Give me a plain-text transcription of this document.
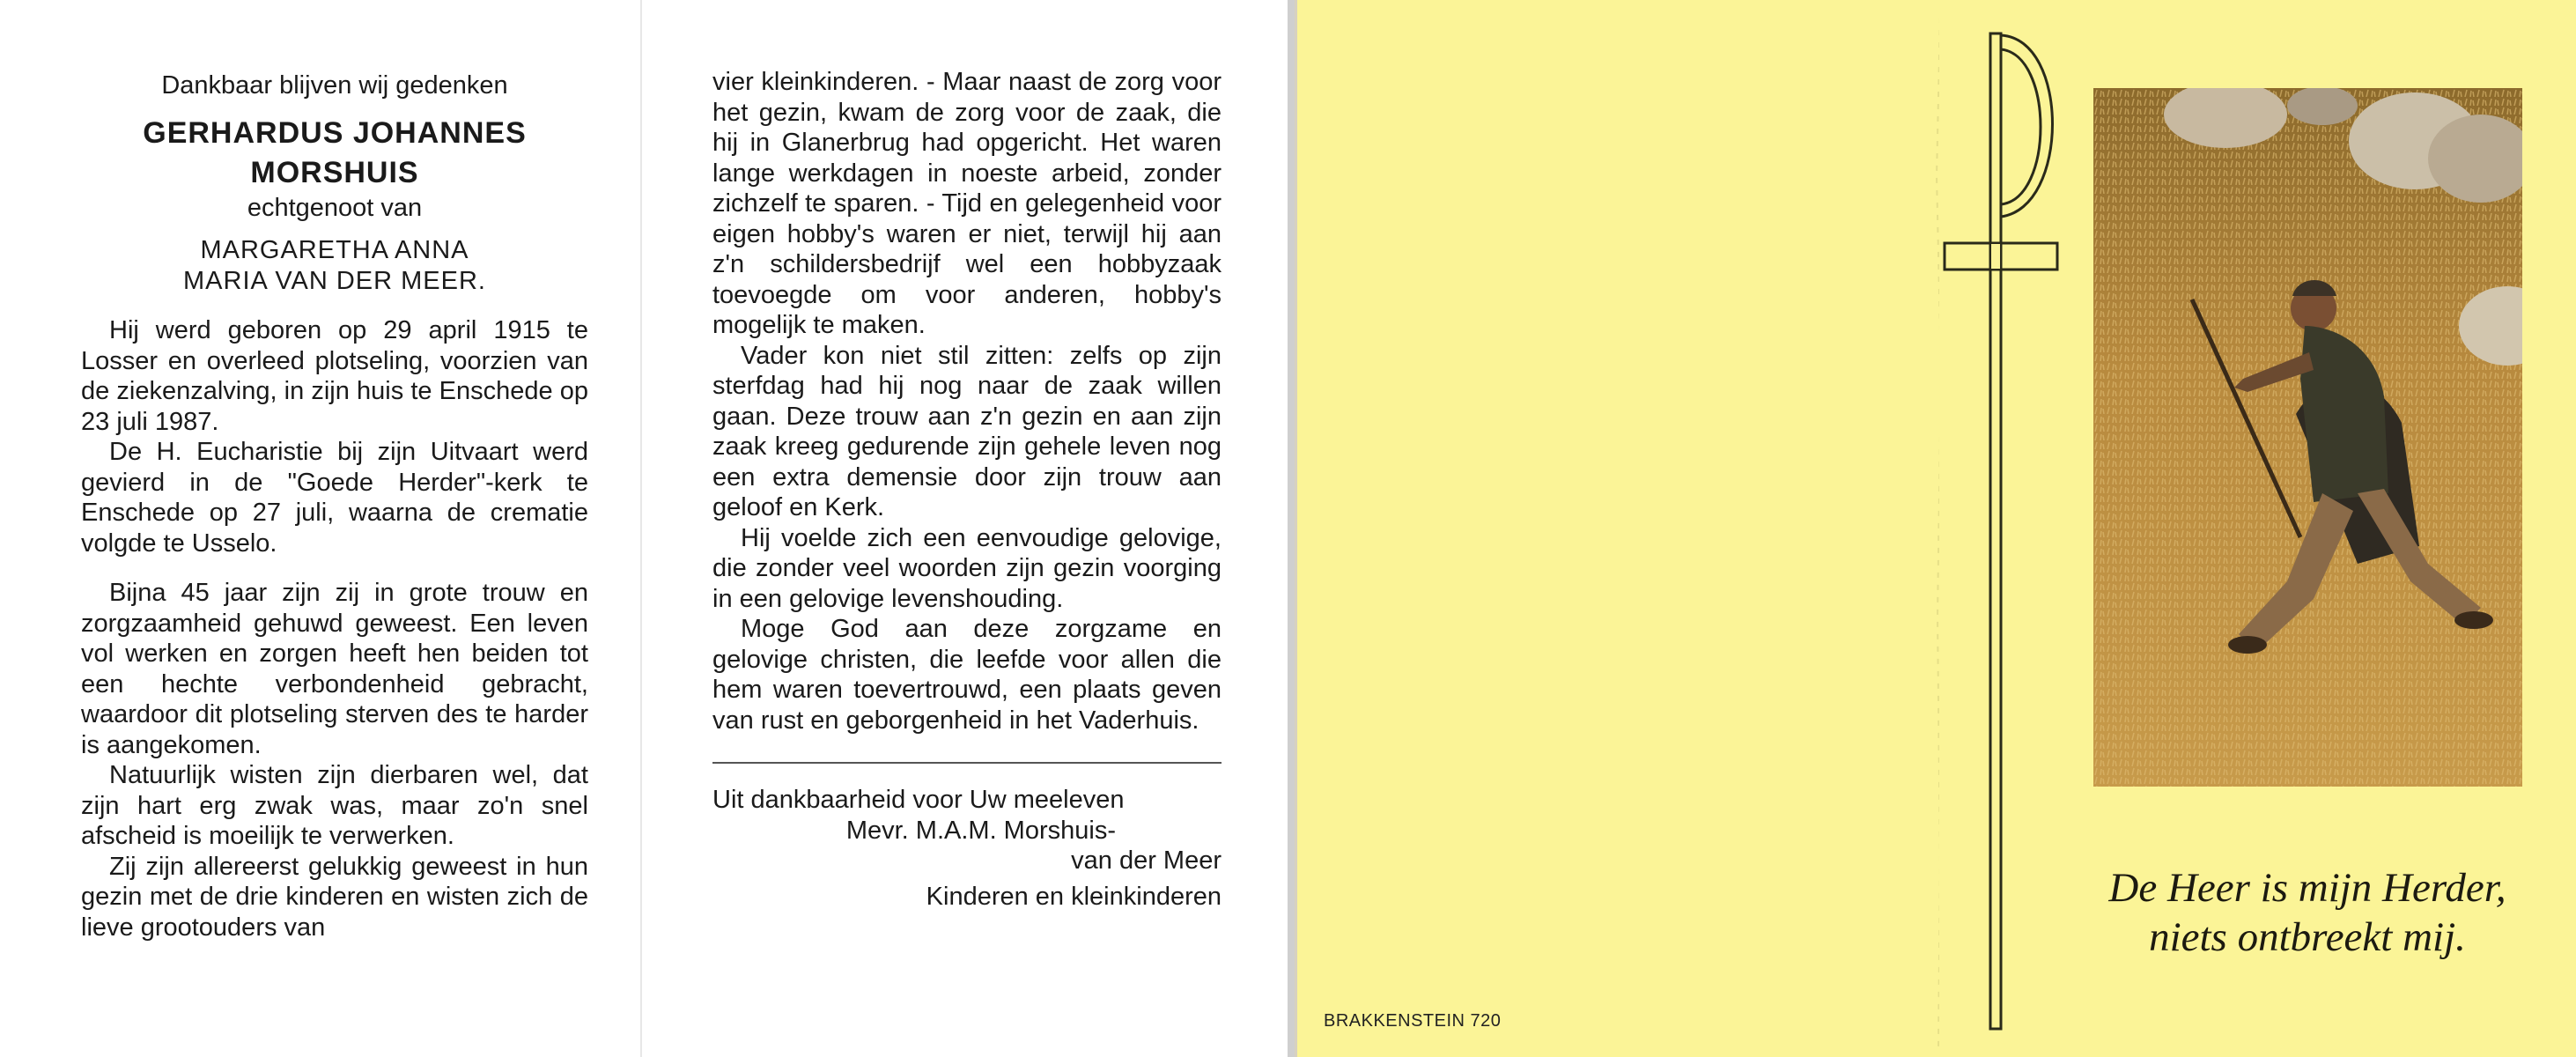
Dankbaar blijven wij gedenken
GERHARDUS JOHANNES
MORSHUIS
echtgenoot van
MARGARETHA ANNA
MARIA VAN DER MEER.

Hij werd geboren op 29 april 1915 te Losser en overleed plotseling, voorzien van de ziekenzalving, in zijn huis te Enschede op 23 juli 1987.

De H. Eucharistie bij zijn Uitvaart werd gevierd in de "Goede Herder"-kerk te Enschede op 27 juli, waarna de crematie volgde te Usselo.

Bijna 45 jaar zijn zij in grote trouw en zorgzaamheid gehuwd geweest. Een leven vol werken en zorgen heeft hen beiden tot een hechte verbondenheid gebracht, waardoor dit plotseling sterven des te harder is aangekomen.

Natuurlijk wisten zijn dierbaren wel, dat zijn hart erg zwak was, maar zo'n snel afscheid is moeilijk te verwerken.

Zij zijn allereerst gelukkig geweest in hun gezin met de drie kinderen en wisten zich de lieve grootouders van

vier kleinkinderen. - Maar naast de zorg voor het gezin, kwam de zorg voor de zaak, die hij in Glanerbrug had opgericht. Het waren lange werkdagen in noeste arbeid, zonder zichzelf te sparen. - Tijd en gelegenheid voor eigen hobby's waren er niet, terwijl hij aan z'n schildersbedrijf wel een hobbyzaak toevoegde om voor anderen, hobby's mogelijk te maken.

Vader kon niet stil zitten: zelfs op zijn sterfdag had hij nog naar de zaak willen gaan. Deze trouw aan z'n gezin en aan zijn zaak kreeg gedurende zijn gehele leven nog een extra demensie door zijn trouw aan geloof en Kerk.

Hij voelde zich een eenvoudige gelovige, die zonder veel woorden zijn gezin voorging in een gelovige levenshouding.

Moge God aan deze zorgzame en gelovige christen, die leefde voor allen die hem waren toevertrouwd, een plaats geven van rust en geborgenheid in het Vaderhuis.

Uit dankbaarheid voor Uw meeleven
Mevr. M.A.M. Morshuis-
van der Meer
Kinderen en kleinkinderen
BRAKKENSTEIN 720
De Heer is mijn Herder,
niets ontbreekt mij.
